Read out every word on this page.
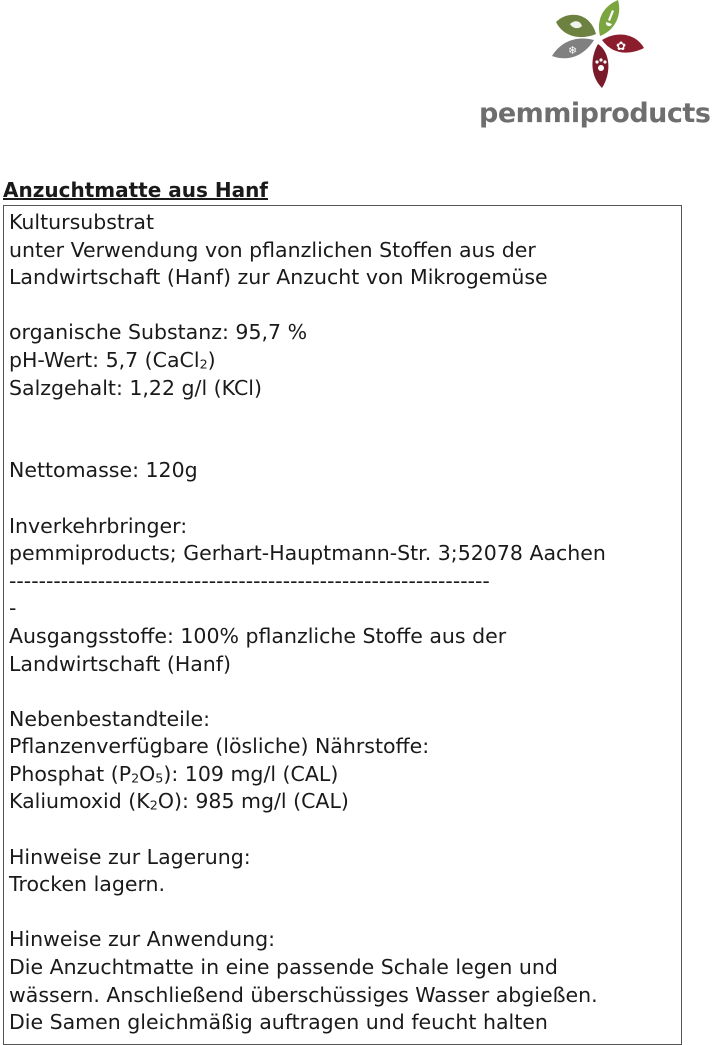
❄	✿
pemmiproducts
Anzuchtmatte aus Hanf
Kultursubstrat
unter Verwendung von pflanzlichen Stoffen aus der
Landwirtschaft (Hanf) zur Anzucht von Mikrogemüse
organische Substanz: 95,7 %
pH-Wert: 5,7 (CaCl2)
Salzgehalt: 1,22 g/l (KCl)
Nettomasse: 120g
Inverkehrbringer:
pemmiproducts; Gerhart-Hauptmann-Str. 3;52078 Aachen
-----------------------------------------------------------------
-
Ausgangsstoffe: 100% pflanzliche Stoffe aus der
Landwirtschaft (Hanf)
Nebenbestandteile:
Pflanzenverfügbare (lösliche) Nährstoffe:
Phosphat (P2O5): 109 mg/l (CAL)
Kaliumoxid (K2O): 985 mg/l (CAL)
Hinweise zur Lagerung:
Trocken lagern.
Hinweise zur Anwendung:
Die Anzuchtmatte in eine passende Schale legen und
wässern. Anschließend überschüssiges Wasser abgießen.
Die Samen gleichmäßig auftragen und feucht halten
